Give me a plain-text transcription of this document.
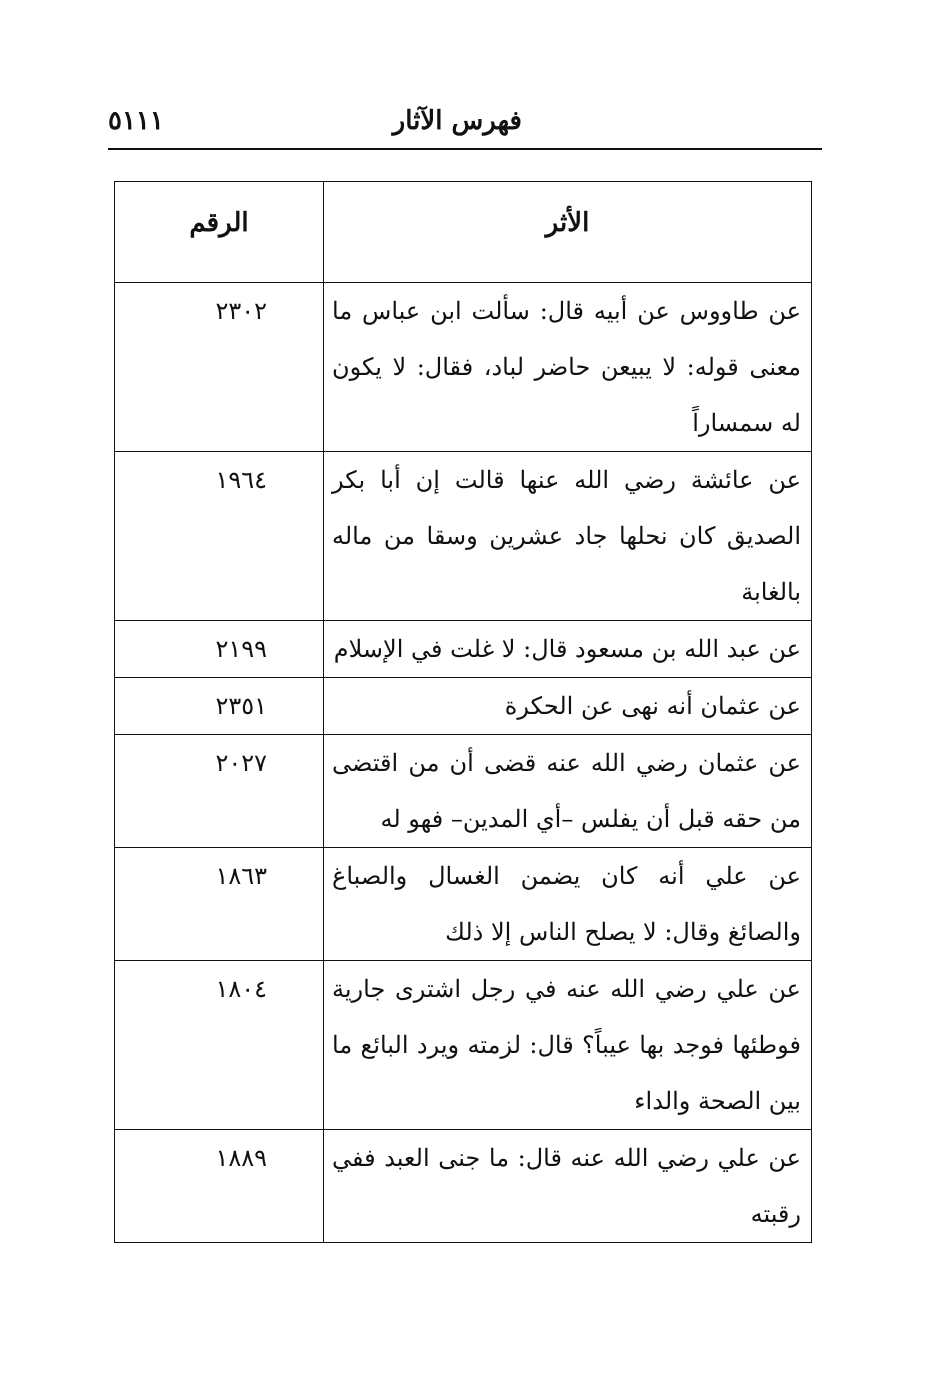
٥١١١	فهرس الآثار
الأثر	الرقم
عن طاووس عن أبيه قال: سألت ابن عباس ما معنى قوله: لا يبيعن حاضر لباد، فقال: لا يكون له سمساراً	٢٣٠٢
عن عائشة رضي الله عنها قالت إن أبا بكر الصديق كان نحلها جاد عشرين وسقا من ماله بالغابة	١٩٦٤
عن عبد الله بن مسعود قال: لا غلت في الإسلام	٢١٩٩
عن عثمان أنه نهى عن الحكرة	٢٣٥١
عن عثمان رضي الله عنه قضى أن من اقتضى من حقه قبل أن يفلس –أي المدين– فهو له	٢٠٢٧
عن علي أنه كان يضمن الغسال والصباغ والصائغ وقال: لا يصلح الناس إلا ذلك	١٨٦٣
عن علي رضي الله عنه في رجل اشترى جارية فوطئها فوجد بها عيباً؟ قال: لزمته ويرد البائع ما بين الصحة والداء	١٨٠٤
عن علي رضي الله عنه قال: ما جنى العبد ففي رقبته	١٨٨٩
